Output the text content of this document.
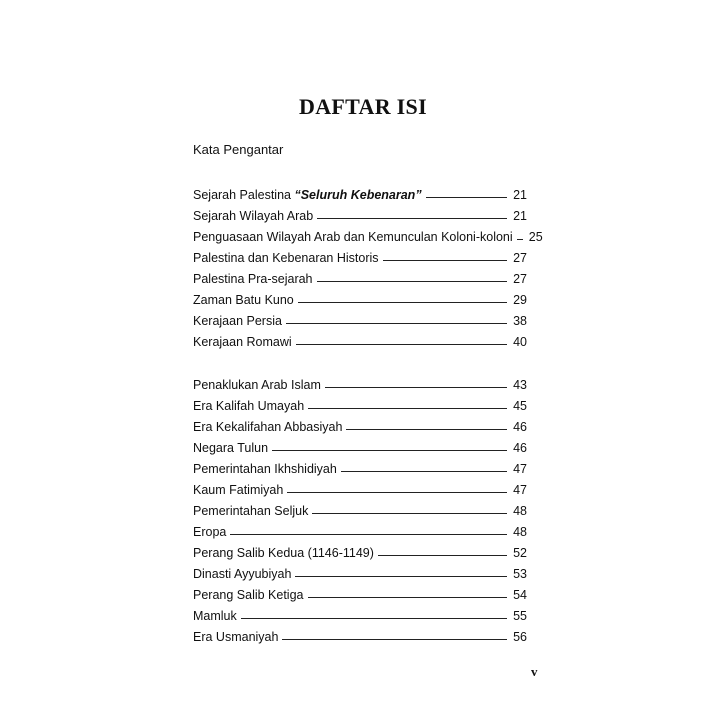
DAFTAR ISI
Kata Pengantar
Sejarah Palestina “Seluruh Kebenaran”	21
Sejarah Wilayah Arab	21
Penguasaan Wilayah Arab dan Kemunculan Koloni-koloni 25
Palestina dan Kebenaran Historis	27
Palestina Pra-sejarah	27
Zaman Batu Kuno	29
Kerajaan Persia	38
Kerajaan Romawi	40
Penaklukan Arab Islam	43
Era Kalifah Umayah	45
Era Kekalifahan Abbasiyah	46
Negara Tulun	46
Pemerintahan Ikhshidiyah	47
Kaum Fatimiyah	47
Pemerintahan Seljuk	48
Eropa	48
Perang Salib Kedua (1146-1149)	52
Dinasti Ayyubiyah	53
Perang Salib Ketiga	54
Mamluk	55
Era Usmaniyah	56
v
